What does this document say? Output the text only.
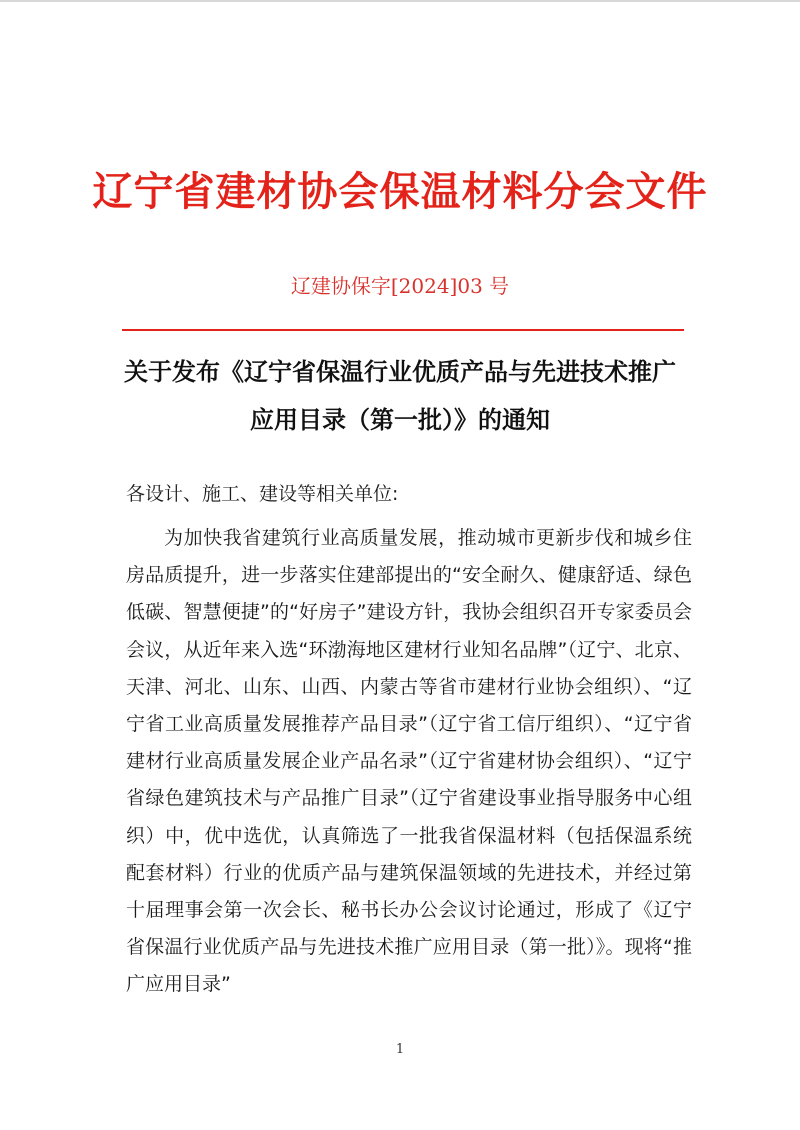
辽宁省建材协会保温材料分会文件
辽建协保字[2024]03 号
关于发布《辽宁省保温行业优质产品与先进技术推广
应用目录（第一批）》的通知
各设计、施工、建设等相关单位:
为加快我省建筑行业高质量发展，推动城市更新步伐和城乡住房品质提升，进一步落实住建部提出的“安全耐久、健康舒适、绿色低碳、智慧便捷”的“好房子”建设方针，我协会组织召开专家委员会会议，从近年来入选“环渤海地区建材行业知名品牌”（辽宁、北京、天津、河北、山东、山西、内蒙古等省市建材行业协会组织）、“辽宁省工业高质量发展推荐产品目录”（辽宁省工信厅组织）、“辽宁省建材行业高质量发展企业产品名录”（辽宁省建材协会组织）、“辽宁省绿色建筑技术与产品推广目录”（辽宁省建设事业指导服务中心组织）中，优中选优，认真筛选了一批我省保温材料（包括保温系统配套材料）行业的优质产品与建筑保温领域的先进技术，并经过第十届理事会第一次会长、秘书长办公会议讨论通过，形成了《辽宁省保温行业优质产品与先进技术推广应用目录（第一批）》。现将“推广应用目录”
1
